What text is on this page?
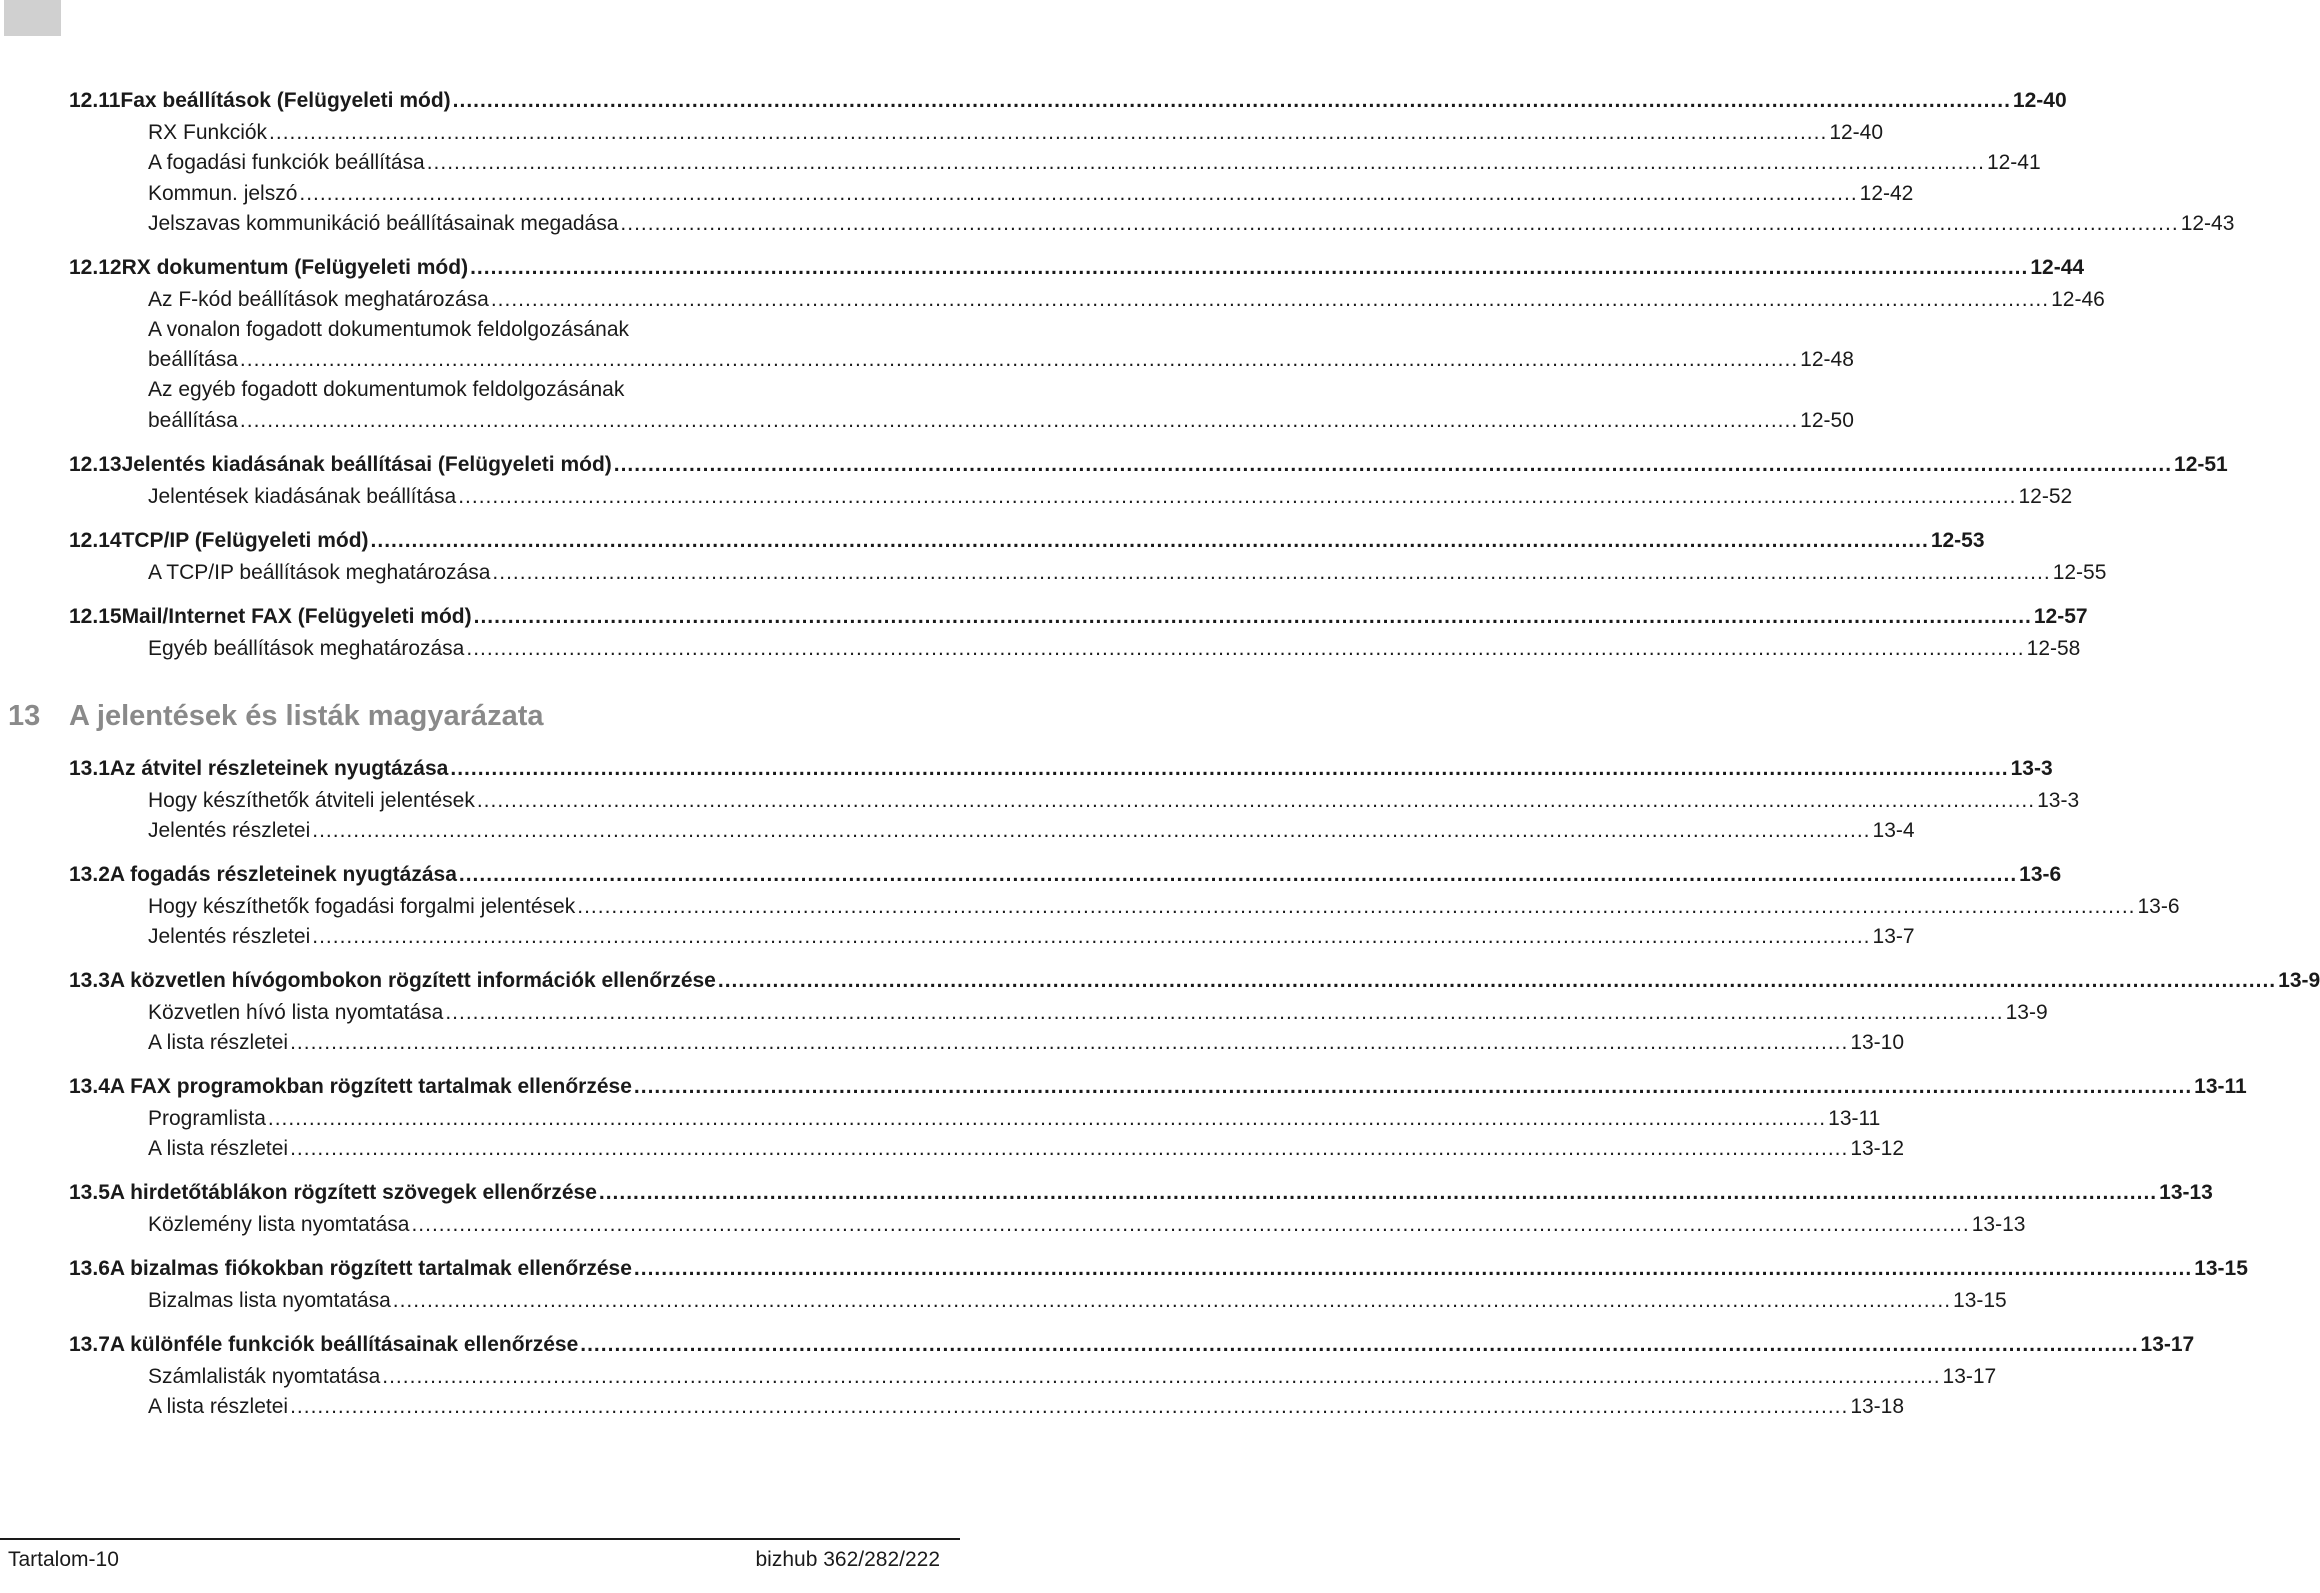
12.11 Fax beállítások (Felügyeleti mód) .....	12-40
RX Funkciók .....	12-40
A fogadási funkciók beállítása .....	12-41
Kommun. jelszó .....	12-42
Jelszavas kommunikáció beállításainak megadása .....	12-43
12.12 RX dokumentum (Felügyeleti mód) .....	12-44
Az F-kód beállítások meghatározása .....	12-46
A vonalon fogadott dokumentumok feldolgozásának
beállítása .....	12-48
Az egyéb fogadott dokumentumok feldolgozásának
beállítása .....	12-50
12.13 Jelentés kiadásának beállításai (Felügyeleti mód) .....	12-51
Jelentések kiadásának beállítása .....	12-52
12.14 TCP/IP (Felügyeleti mód) .....	12-53
A TCP/IP beállítások meghatározása .....	12-55
12.15 Mail/Internet FAX (Felügyeleti mód) .....	12-57
Egyéb beállítások meghatározása .....	12-58
13 A jelentések és listák magyarázata
13.1 Az átvitel részleteinek nyugtázása .....	13-3
Hogy készíthetők átviteli jelentések .....	13-3
Jelentés részletei .....	13-4
13.2 A fogadás részleteinek nyugtázása .....	13-6
Hogy készíthetők fogadási forgalmi jelentések .....	13-6
Jelentés részletei .....	13-7
13.3 A közvetlen hívógombokon rögzített információk ellenőrzése .....	13-9
Közvetlen hívó lista nyomtatása .....	13-9
A lista részletei .....	13-10
13.4 A FAX programokban rögzített tartalmak ellenőrzése .....	13-11
Programlista .....	13-11
A lista részletei .....	13-12
13.5 A hirdetőtáblákon rögzített szövegek ellenőrzése .....	13-13
Közlemény lista nyomtatása .....	13-13
13.6 A bizalmas fiókokban rögzített tartalmak ellenőrzése .....	13-15
Bizalmas lista nyomtatása .....	13-15
13.7 A különféle funkciók beállításainak ellenőrzése .....	13-17
Számlalisták nyomtatása .....	13-17
A lista részletei .....	13-18
Tartalom-10	bizhub 362/282/222
